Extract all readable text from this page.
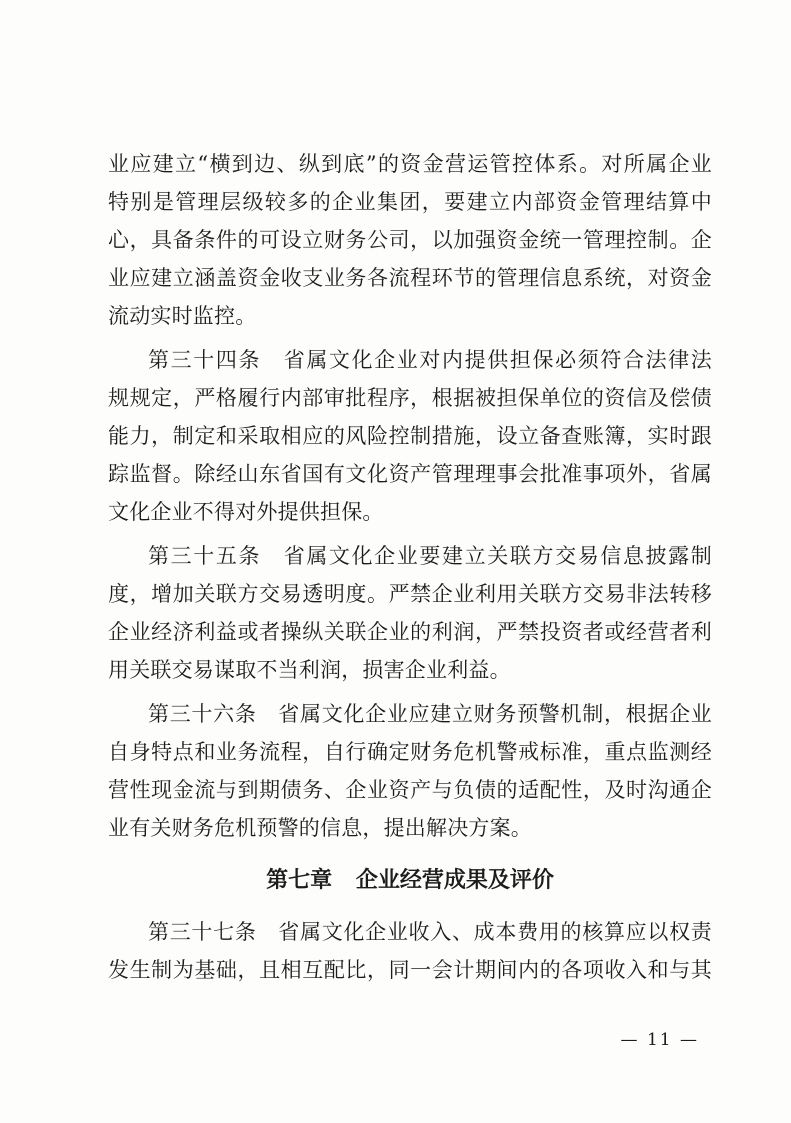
业应建立“横到边、纵到底”的资金营运管控体系。对所属企业
特别是管理层级较多的企业集团，要建立内部资金管理结算中
心，具备条件的可设立财务公司，以加强资金统一管理控制。企
业应建立涵盖资金收支业务各流程环节的管理信息系统，对资金
流动实时监控。
第三十四条　省属文化企业对内提供担保必须符合法律法
规规定，严格履行内部审批程序，根据被担保单位的资信及偿债
能力，制定和采取相应的风险控制措施，设立备查账簿，实时跟
踪监督。除经山东省国有文化资产管理理事会批准事项外，省属
文化企业不得对外提供担保。
第三十五条　省属文化企业要建立关联方交易信息披露制
度，增加关联方交易透明度。严禁企业利用关联方交易非法转移
企业经济利益或者操纵关联企业的利润，严禁投资者或经营者利
用关联交易谋取不当利润，损害企业利益。
第三十六条　省属文化企业应建立财务预警机制，根据企业
自身特点和业务流程，自行确定财务危机警戒标准，重点监测经
营性现金流与到期债务、企业资产与负债的适配性，及时沟通企
业有关财务危机预警的信息，提出解决方案。
第七章 企业经营成果及评价
第三十七条　省属文化企业收入、成本费用的核算应以权责
发生制为基础，且相互配比，同一会计期间内的各项收入和与其
— 11 —
